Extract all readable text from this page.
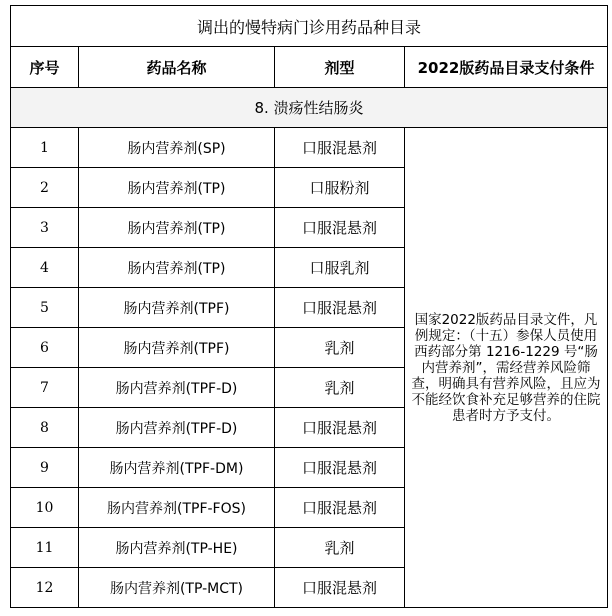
调出的慢特病门诊用药品种目录			
序号	药品名称	剂型	2022版药品目录支付条件
8. 溃疡性结肠炎			
1	肠内营养剂(SP)	口服混悬剂	国家2022版药品目录文件，凡例规定：（十五）参保人员使用西药部分第 1216-1229 号“肠内营养剂”，需经营养风险筛查，明确具有营养风险，且应为不能经饮食补充足够营养的住院患者时方予支付。
2	肠内营养剂(TP)	口服粉剂	
3	肠内营养剂(TP)	口服混悬剂	
4	肠内营养剂(TP)	口服乳剂	
5	肠内营养剂(TPF)	口服混悬剂	
6	肠内营养剂(TPF)	乳剂	
7	肠内营养剂(TPF-D)	乳剂	
8	肠内营养剂(TPF-D)	口服混悬剂	
9	肠内营养剂(TPF-DM)	口服混悬剂	
10	肠内营养剂(TPF-FOS)	口服混悬剂	
11	肠内营养剂(TP-HE)	乳剂	
12	肠内营养剂(TP-MCT)	口服混悬剂	
